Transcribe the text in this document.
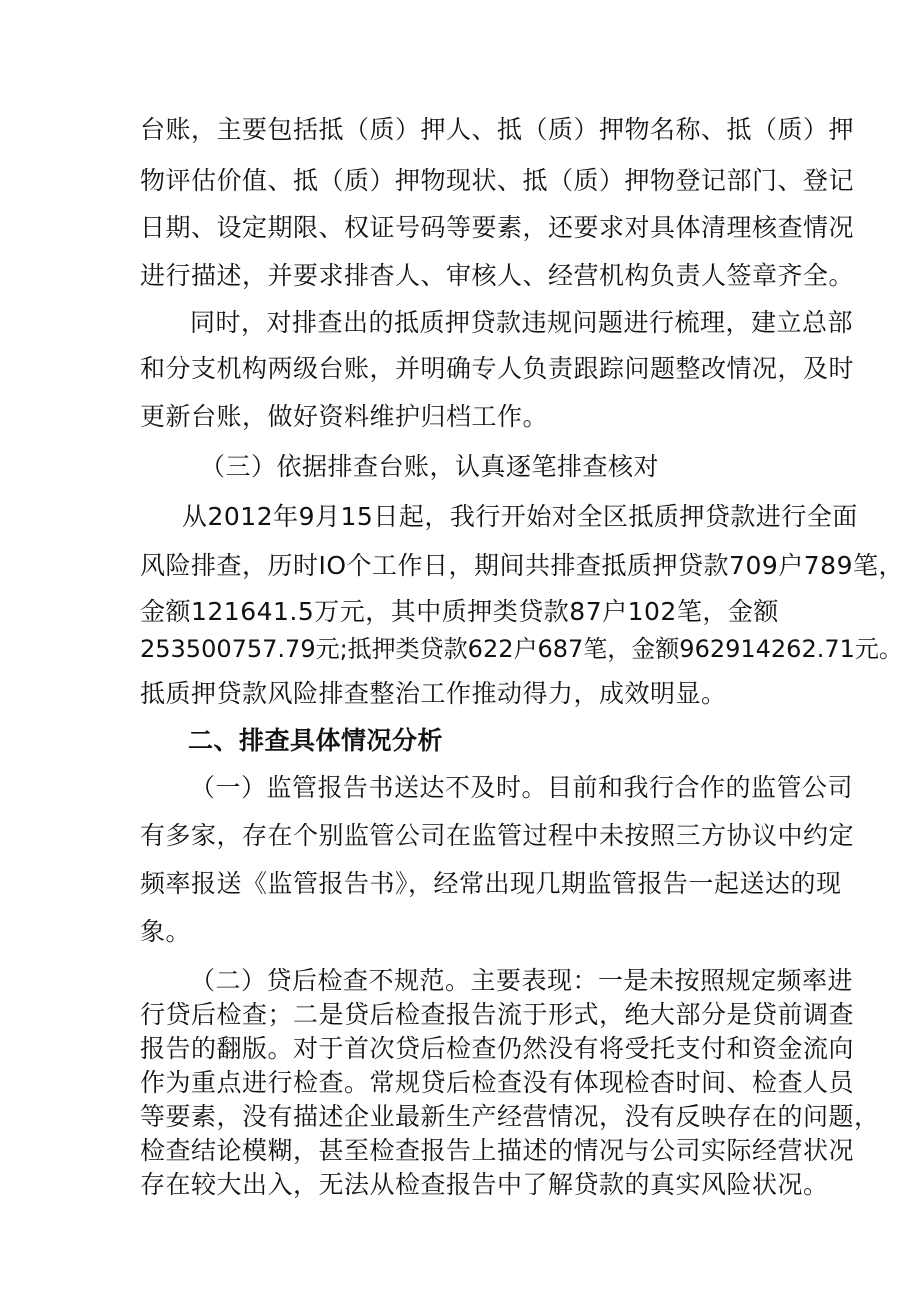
台账，主要包括抵（质）押人、抵（质）押物名称、抵（质）押
物评估价值、抵（质）押物现状、抵（质）押物登记部门、登记
日期、设定期限、权证号码等要素，还要求对具体清理核查情况
进行描述，并要求排杳人、审核人、经营机构负责人签章齐全。
同时，对排查出的抵质押贷款违规问题进行梳理，建立总部
和分支机构两级台账，并明确专人负责跟踪问题整改情况，及时
更新台账，做好资料维护归档工作。
（三）依据排查台账，认真逐笔排查核对
从2012年9月15日起，我行开始对全区抵质押贷款进行全面
风险排查，历时IO个工作日，期间共排查抵质押贷款709户789笔，
金额121641.5万元，其中质押类贷款87户102笔，金额
253500757.79元;抵押类贷款622户687笔，金额962914262.71元。
抵质押贷款风险排查整治工作推动得力，成效明显。
二、排查具体情况分析
（一）监管报告书送达不及时。目前和我行合作的监管公司
有多家，存在个别监管公司在监管过程中未按照三方协议中约定
频率报送《监管报告书》，经常出现几期监管报告一起送达的现
象。
（二）贷后检查不规范。主要表现：一是未按照规定频率进
行贷后检查；二是贷后检查报告流于形式，绝大部分是贷前调查
报告的翻版。对于首次贷后检查仍然没有将受托支付和资金流向
作为重点进行检查。常规贷后检查没有体现检杳时间、检查人员
等要素，没有描述企业最新生产经营情况，没有反映存在的问题，
检查结论模糊，甚至检查报告上描述的情况与公司实际经营状况
存在较大出入，无法从检查报告中了解贷款的真实风险状况。
